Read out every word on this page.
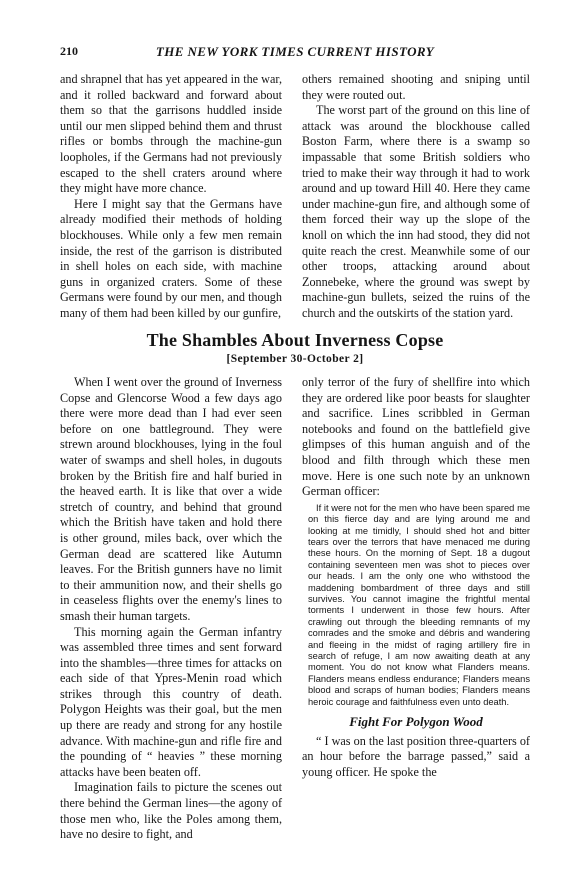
210	THE NEW YORK TIMES CURRENT HISTORY

and shrapnel that has yet appeared in the war, and it rolled backward and forward about them so that the garrisons huddled inside until our men slipped behind them and thrust rifles or bombs through the machine-gun loopholes, if the Germans had not previously escaped to the shell craters around where they might have more chance.

Here I might say that the Germans have already modified their methods of holding blockhouses. While only a few men remain inside, the rest of the garrison is distributed in shell holes on each side, with machine guns in organized craters. Some of these Germans were found by our men, and though many of them had been killed by our gunfire,

others remained shooting and sniping until they were routed out.

The worst part of the ground on this line of attack was around the blockhouse called Boston Farm, where there is a swamp so impassable that some British soldiers who tried to make their way through it had to work around and up toward Hill 40. Here they came under machine-gun fire, and although some of them forced their way up the slope of the knoll on which the inn had stood, they did not quite reach the crest. Meanwhile some of our other troops, attacking around about Zonnebeke, where the ground was swept by machine-gun bullets, seized the ruins of the church and the outskirts of the station yard.

The Shambles About Inverness Copse
[September 30-October 2]

When I went over the ground of Inverness Copse and Glencorse Wood a few days ago there were more dead than I had ever seen before on one battleground. They were strewn around blockhouses, lying in the foul water of swamps and shell holes, in dugouts broken by the British fire and half buried in the heaved earth. It is like that over a wide stretch of country, and behind that ground which the British have taken and hold there is other ground, miles back, over which the German dead are scattered like Autumn leaves. For the British gunners have no limit to their ammunition now, and their shells go in ceaseless flights over the enemy's lines to smash their human targets.

This morning again the German infantry was assembled three times and sent forward into the shambles—three times for attacks on each side of that Ypres-Menin road which strikes through this country of death. Polygon Heights was their goal, but the men up there are ready and strong for any hostile advance. With machine-gun and rifle fire and the pounding of “ heavies ” these morning attacks have been beaten off.

Imagination fails to picture the scenes out there behind the German lines—the agony of those men who, like the Poles among them, have no desire to fight, and

only terror of the fury of shellfire into which they are ordered like poor beasts for slaughter and sacrifice. Lines scribbled in German notebooks and found on the battlefield give glimpses of this human anguish and of the blood and filth through which these men move. Here is one such note by an unknown German officer:

If it were not for the men who have been spared me on this fierce day and are lying around me and looking at me timidly, I should shed hot and bitter tears over the terrors that have menaced me during these hours. On the morning of Sept. 18 a dugout containing seventeen men was shot to pieces over our heads. I am the only one who withstood the maddening bombardment of three days and still survives. You cannot imagine the frightful mental torments I underwent in those few hours. After crawling out through the bleeding remnants of my comrades and the smoke and débris and wandering and fleeing in the midst of raging artillery fire in search of refuge, I am now awaiting death at any moment. You do not know what Flanders means. Flanders means endless endurance; Flanders means blood and scraps of human bodies; Flanders means heroic courage and faithfulness even unto death.

Fight For Polygon Wood

“ I was on the last position three-quarters of an hour before the barrage passed,” said a young officer. He spoke the
